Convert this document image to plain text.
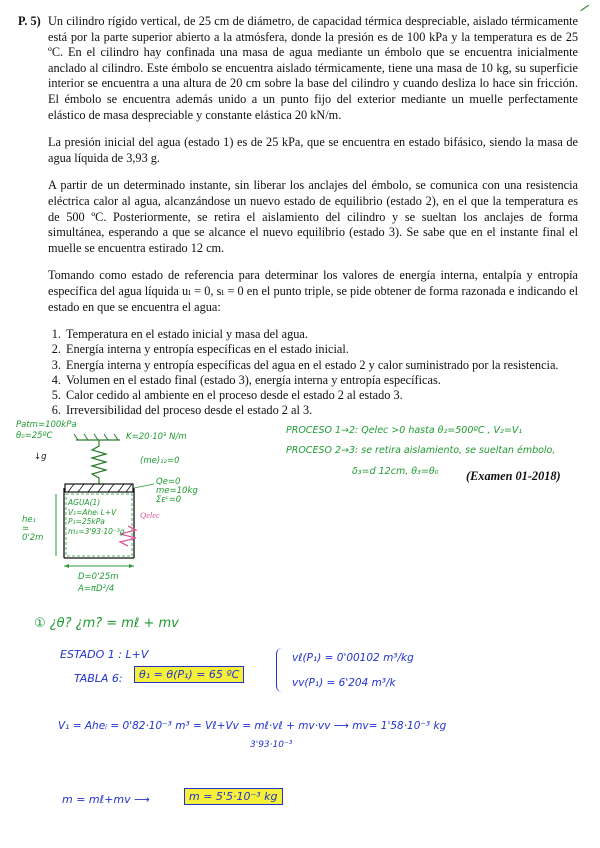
P. 5) Un cilindro rígido vertical, de 25 cm de diámetro, de capacidad térmica despreciable, aislado térmicamente está por la parte superior abierto a la atmósfera, donde la presión es de 100 kPa y la temperatura es de 25 ºC. En el cilindro hay confinada una masa de agua mediante un émbolo que se encuentra inicialmente anclado al cilindro. Este émbolo se encuentra aislado térmicamente, tiene una masa de 10 kg, su superficie interior se encuentra a una altura de 20 cm sobre la base del cilindro y cuando desliza lo hace sin fricción. El émbolo se encuentra además unido a un punto fijo del exterior mediante un muelle perfectamente elástico de masa despreciable y constante elástica 20 kN/m.

La presión inicial del agua (estado 1) es de 25 kPa, que se encuentra en estado bifásico, siendo la masa de agua líquida de 3,93 g.

A partir de un determinado instante, sin liberar los anclajes del émbolo, se comunica con una resistencia eléctrica calor al agua, alcanzándose un nuevo estado de equilibrio (estado 2), en el que la temperatura es de 500 ºC. Posteriormente, se retira el aislamiento del cilindro y se sueltan los anclajes de forma simultánea, esperando a que se alcance el nuevo equilibrio (estado 3). Se sabe que en el instante final el muelle se encuentra estirado 12 cm.

Tomando como estado de referencia para determinar los valores de energía interna, entalpía y entropía específica del agua líquida uₗ = 0, sₗ = 0 en el punto triple, se pide obtener de forma razonada e indicando el estado en que se encuentra el agua:

1. Temperatura en el estado inicial y masa del agua.
2. Energía interna y entropía específicas en el estado inicial.
3. Energía interna y entropía específicas del agua en el estado 2 y calor suministrado por la resistencia.
4. Volumen en el estado final (estado 3), energía interna y entropía específicas.
5. Calor cedido al ambiente en el proceso desde el estado 2 al estado 3.
6. Irreversibilidad del proceso desde el estado 2 al 3.
PROCESO 1→2: Qelec >0 hasta θ₂=500ºC , V₂=V₁
PROCESO 2→3: se retira aislamiento, se sueltan émbolo,
δ₃=d 12cm, θ₃=θ₀ (Examen 01-2018)
Patm=100kPa
θ₀=25ºC
↓g
K=20·10³ N/m
(me)₁₂=0
Qe=0
me=10kg
Σᴇᶜ=0
AGUA(1)
V₁=Aheᵢ L+V
P₁=25kPa
m₁=3'93·10⁻³g
he₁
=
0'2m
Qelec
D=0'25m
A=πD²/4
① ¿θ? ¿m? = mℓ + mv
ESTADO 1 : L+V
TABLA 6:	θ₁ = θ(P₁) = 65 ºC
vℓ(P₁) = 0'00102 m³/kg
vv(P₁) = 6'204 m³/k
V₁ = Aheᵢ = 0'82·10⁻³ m³ = Vℓ+Vv = mℓ·vℓ + mv·vv ⟶ mv= 1'58·10⁻³ kg
3'93·10⁻³
m = mℓ+mv ⟶	m = 5'5·10⁻³ kg
